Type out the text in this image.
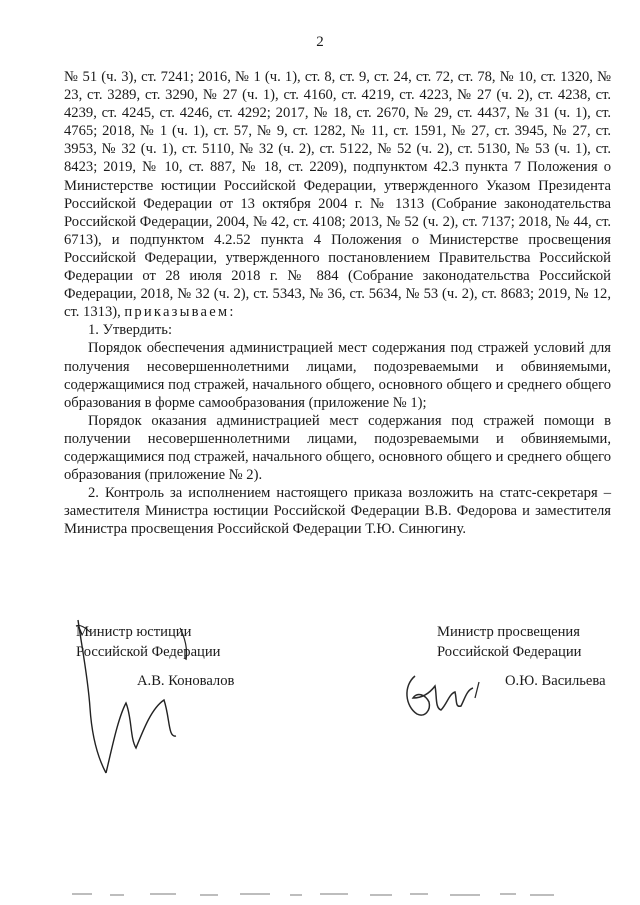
2

№ 51 (ч. 3), ст. 7241; 2016, № 1 (ч. 1), ст. 8, ст. 9, ст. 24, ст. 72, ст. 78, № 10, ст. 1320, № 23, ст. 3289, ст. 3290, № 27 (ч. 1), ст. 4160, ст. 4219, ст. 4223, № 27 (ч. 2), ст. 4238, ст. 4239, ст. 4245, ст. 4246, ст. 4292; 2017, № 18, ст. 2670, № 29, ст. 4437, № 31 (ч. 1), ст. 4765; 2018, № 1 (ч. 1), ст. 57, № 9, ст. 1282, № 11, ст. 1591, № 27, ст. 3945, № 27, ст. 3953, № 32 (ч. 1), ст. 5110, № 32 (ч. 2), ст. 5122, № 52 (ч. 2), ст. 5130, № 53 (ч. 1), ст. 8423; 2019, № 10, ст. 887, № 18, ст. 2209), подпунктом 42.3 пункта 7 Положения о Министерстве юстиции Российской Федерации, утвержденного Указом Президента Российской Федерации от 13 октября 2004 г. № 1313 (Собрание законодательства Российской Федерации, 2004, № 42, ст. 4108; 2013, № 52 (ч. 2), ст. 7137; 2018, № 44, ст. 6713), и подпунктом 4.2.52 пункта 4 Положения о Министерстве просвещения Российской Федерации, утвержденного постановлением Правительства Российской Федерации от 28 июля 2018 г. № 884 (Собрание законодательства Российской Федерации, 2018, № 32 (ч. 2), ст. 5343, № 36, ст. 5634, № 53 (ч. 2), ст. 8683; 2019, № 12, ст. 1313), приказываем:

1. Утвердить:

Порядок обеспечения администрацией мест содержания под стражей условий для получения несовершеннолетними лицами, подозреваемыми и обвиняемыми, содержащимися под стражей, начального общего, основного общего и среднего общего образования в форме самообразования (приложение № 1);

Порядок оказания администрацией мест содержания под стражей помощи в получении несовершеннолетними лицами, подозреваемыми и обвиняемыми, содержащимися под стражей, начального общего, основного общего и среднего общего образования (приложение № 2).

2. Контроль за исполнением настоящего приказа возложить на статс-секретаря – заместителя Министра юстиции Российской Федерации В.В. Федорова и заместителя Министра просвещения Российской Федерации Т.Ю. Синюгину.

Министр юстиции
Российской Федерации
А.В. Коновалов
Министр просвещения
Российской Федерации
О.Ю. Васильева
